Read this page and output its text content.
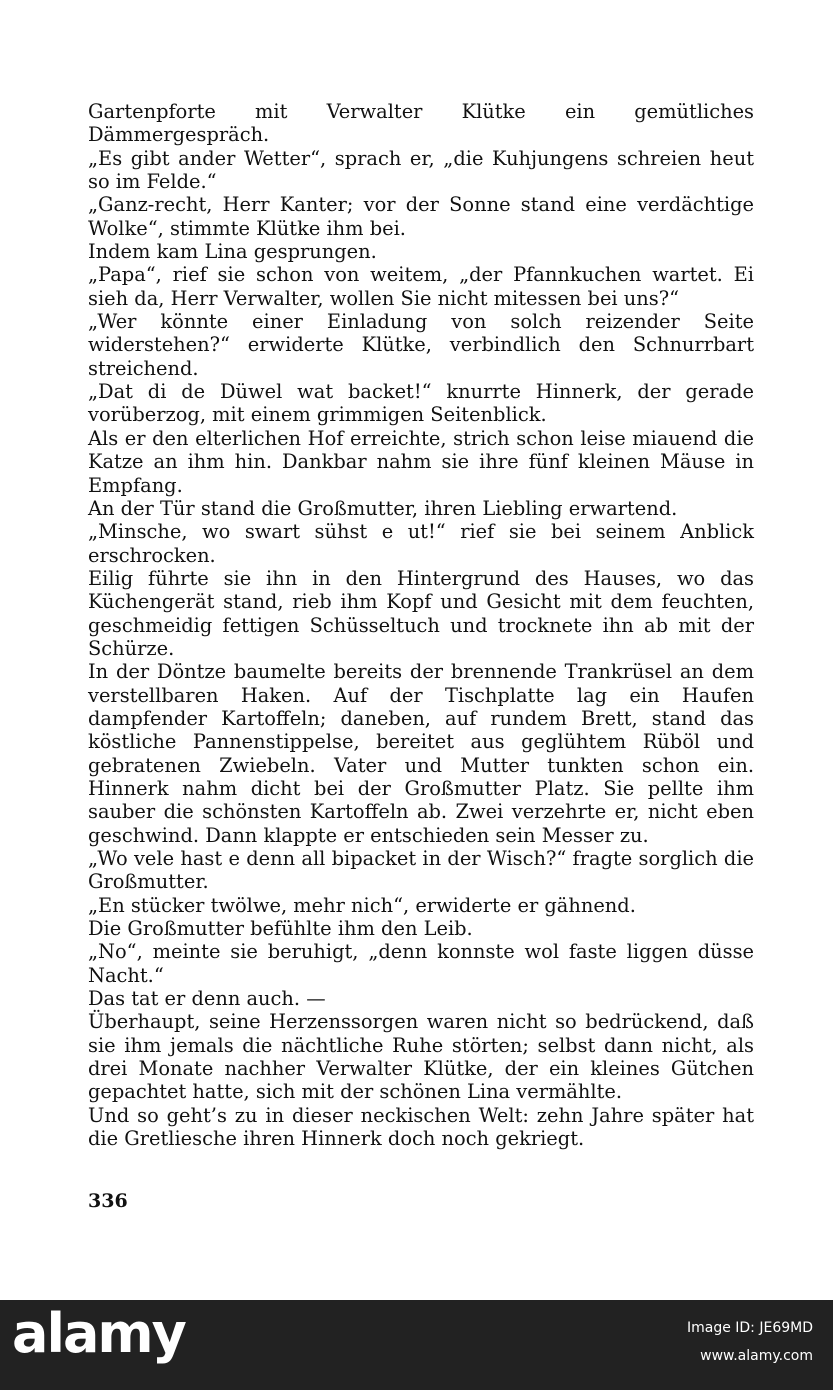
Gartenpforte mit Verwalter Klütke ein gemütliches Dämmergespräch.

„Es gibt ander Wetter“, sprach er, „die Kuhjungens schreien heut so im Felde.“

„Ganz-recht, Herr Kanter; vor der Sonne stand eine verdächtige Wolke“, stimmte Klütke ihm bei.

Indem kam Lina gesprungen.

„Papa“, rief sie schon von weitem, „der Pfannkuchen wartet. Ei sieh da, Herr Verwalter, wollen Sie nicht mitessen bei uns?“

„Wer könnte einer Einladung von solch reizender Seite widerstehen?“ erwiderte Klütke, verbindlich den Schnurrbart streichend.

„Dat di de Düwel wat backet!“ knurrte Hinnerk, der gerade vorüberzog, mit einem grimmigen Seitenblick.

Als er den elterlichen Hof erreichte, strich schon leise miauend die Katze an ihm hin. Dankbar nahm sie ihre fünf kleinen Mäuse in Empfang.

An der Tür stand die Großmutter, ihren Liebling erwartend.

„Minsche, wo swart sühst e ut!“ rief sie bei seinem Anblick erschrocken.

Eilig führte sie ihn in den Hintergrund des Hauses, wo das Küchengerät stand, rieb ihm Kopf und Gesicht mit dem feuchten, geschmeidig fettigen Schüsseltuch und trocknete ihn ab mit der Schürze.

In der Döntze baumelte bereits der brennende Trankrüsel an dem verstellbaren Haken. Auf der Tischplatte lag ein Haufen dampfender Kartoffeln; daneben, auf rundem Brett, stand das köstliche Pannenstippelse, bereitet aus geglühtem Rüböl und gebratenen Zwiebeln. Vater und Mutter tunkten schon ein. Hinnerk nahm dicht bei der Großmutter Platz. Sie pellte ihm sauber die schönsten Kartoffeln ab. Zwei verzehrte er, nicht eben geschwind. Dann klappte er entschieden sein Messer zu.

„Wo vele hast e denn all bipacket in der Wisch?“ fragte sorglich die Großmutter.

„En stücker twölwe, mehr nich“, erwiderte er gähnend.

Die Großmutter befühlte ihm den Leib.

„No“, meinte sie beruhigt, „denn konnste wol faste liggen düsse Nacht.“

Das tat er denn auch. —

Überhaupt, seine Herzenssorgen waren nicht so bedrückend, daß sie ihm jemals die nächtliche Ruhe störten; selbst dann nicht, als drei Monate nachher Verwalter Klütke, der ein kleines Gütchen gepachtet hatte, sich mit der schönen Lina vermählte.

Und so geht’s zu in dieser neckischen Welt: zehn Jahre später hat die Gretliesche ihren Hinnerk doch noch gekriegt.

336
alamy	Image ID: JE69MD
www.alamy.com
